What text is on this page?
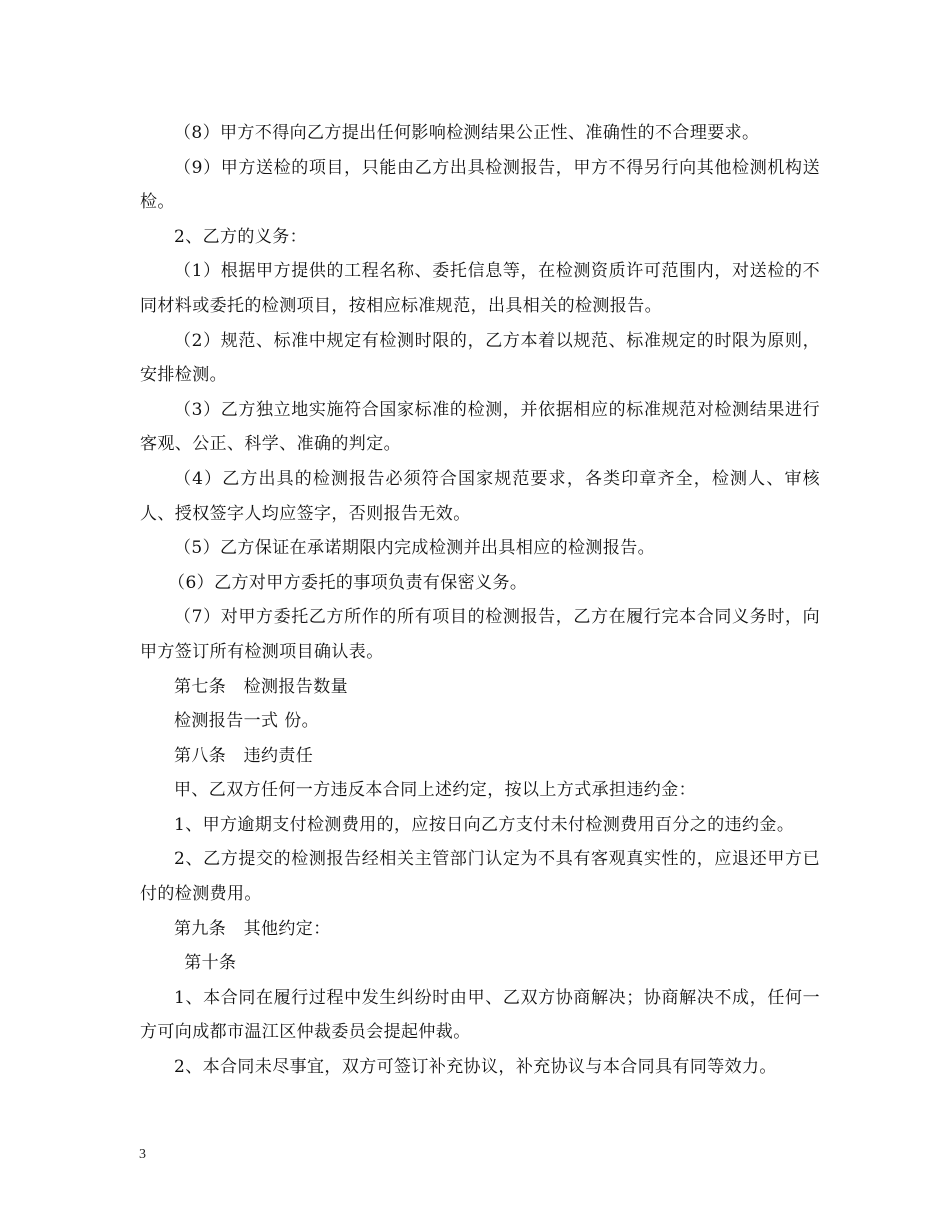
（8）甲方不得向乙方提出任何影响检测结果公正性、准确性的不合理要求。

（9）甲方送检的项目，只能由乙方出具检测报告，甲方不得另行向其他检测机构送检。

2、乙方的义务：

（1）根据甲方提供的工程名称、委托信息等，在检测资质许可范围内，对送检的不同材料或委托的检测项目，按相应标准规范，出具相关的检测报告。

（2）规范、标准中规定有检测时限的，乙方本着以规范、标准规定的时限为原则，安排检测。

（3）乙方独立地实施符合国家标准的检测，并依据相应的标准规范对检测结果进行客观、公正、科学、准确的判定。

（4）乙方出具的检测报告必须符合国家规范要求，各类印章齐全，检测人、审核人、授权签字人均应签字，否则报告无效。

（5）乙方保证在承诺期限内完成检测并出具相应的检测报告。

（6）乙方对甲方委托的事项负责有保密义务。

（7）对甲方委托乙方所作的所有项目的检测报告，乙方在履行完本合同义务时，向甲方签订所有检测项目确认表。

第七条　检测报告数量

检测报告一式 份。

第八条　违约责任

甲、乙双方任何一方违反本合同上述约定，按以上方式承担违约金：

1、甲方逾期支付检测费用的，应按日向乙方支付未付检测费用百分之的违约金。

2、乙方提交的检测报告经相关主管部门认定为不具有客观真实性的，应退还甲方已付的检测费用。

第九条　其他约定：

第十条

1、本合同在履行过程中发生纠纷时由甲、乙双方协商解决；协商解决不成，任何一方可向成都市温江区仲裁委员会提起仲裁。

2、本合同未尽事宜，双方可签订补充协议，补充协议与本合同具有同等效力。

3
